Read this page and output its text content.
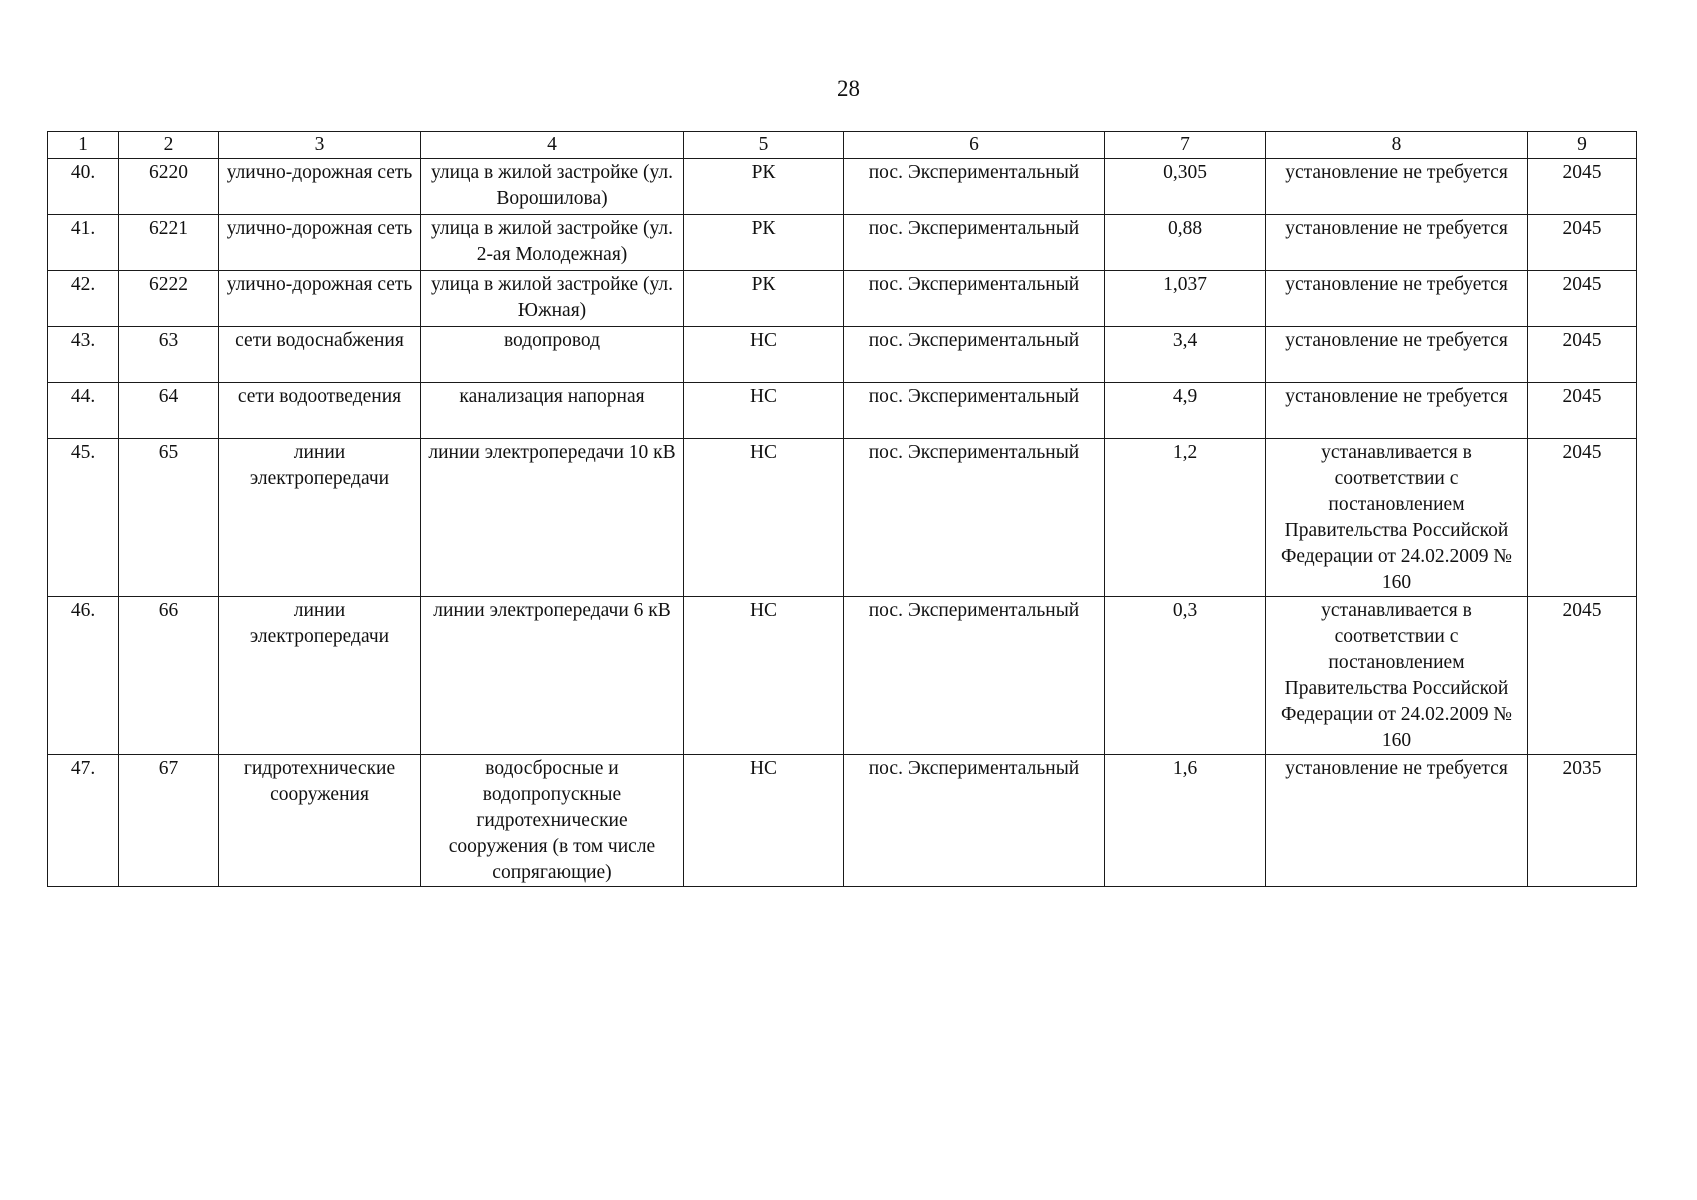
28
1	2	3	4	5	6	7	8	9
40.	6220	улично-дорожная сеть	улица в жилой застройке (ул. Ворошилова)	РК	пос. Экспериментальный	0,305	установление не требуется	2045
41.	6221	улично-дорожная сеть	улица в жилой застройке (ул. 2-ая Молодежная)	РК	пос. Экспериментальный	0,88	установление не требуется	2045
42.	6222	улично-дорожная сеть	улица в жилой застройке (ул. Южная)	РК	пос. Экспериментальный	1,037	установление не требуется	2045
43.	63	сети водоснабжения	водопровод	НС	пос. Экспериментальный	3,4	установление не требуется	2045
44.	64	сети водоотведения	канализация напорная	НС	пос. Экспериментальный	4,9	установление не требуется	2045
45.	65	линии электропередачи	линии электропередачи 10 кВ	НС	пос. Экспериментальный	1,2	устанавливается в соответствии с постановлением Правительства Российской Федерации от 24.02.2009 № 160	2045
46.	66	линии электропередачи	линии электропередачи 6 кВ	НС	пос. Экспериментальный	0,3	устанавливается в соответствии с постановлением Правительства Российской Федерации от 24.02.2009 № 160	2045
47.	67	гидротехнические сооружения	водосбросные и водопропускные гидротехнические сооружения (в том числе сопрягающие)	НС	пос. Экспериментальный	1,6	установление не требуется	2035
